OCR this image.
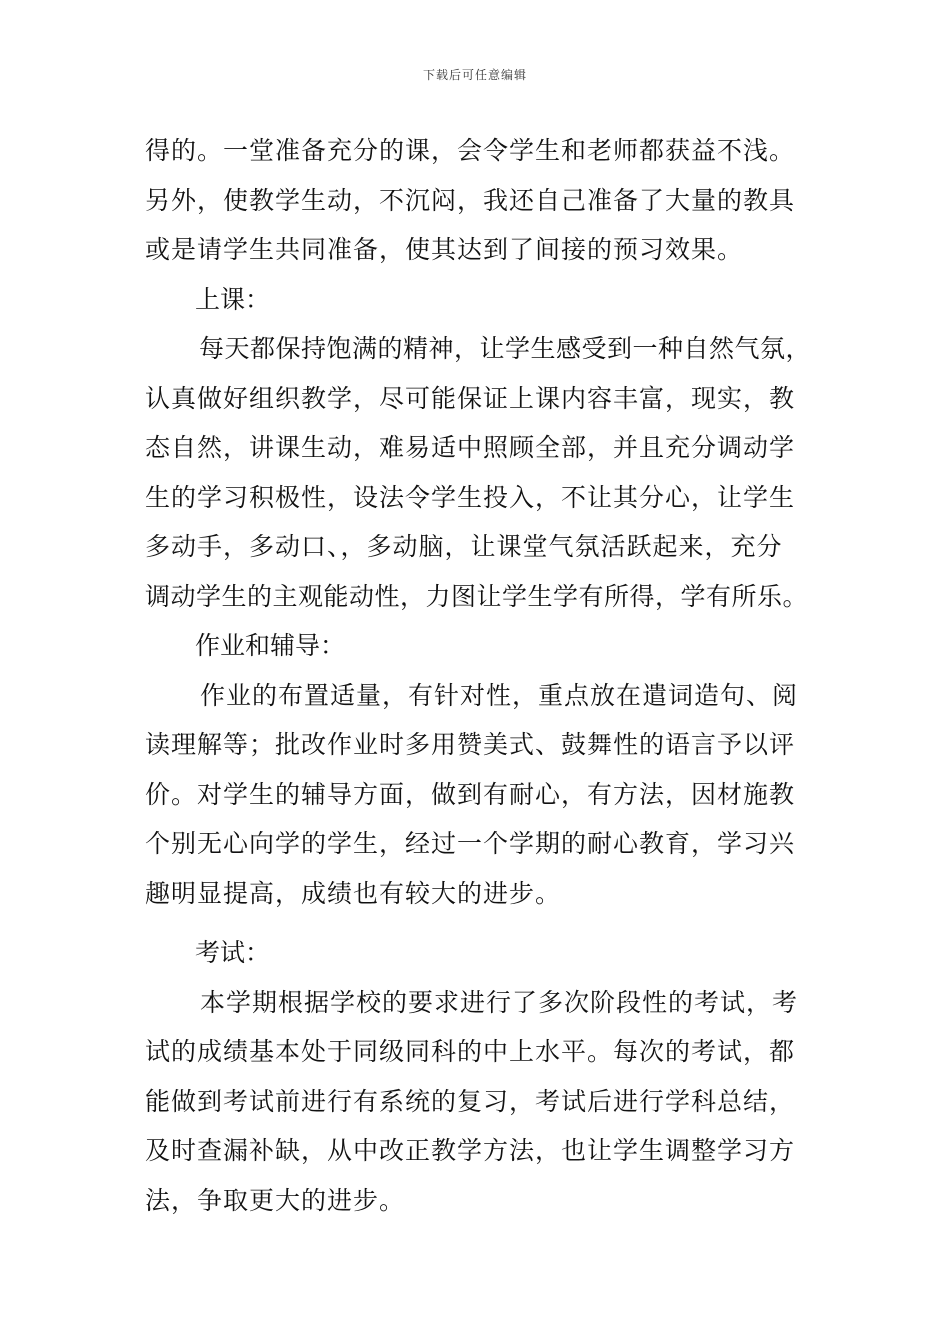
下载后可任意编辑
得的。一堂准备充分的课，会令学生和老师都获益不浅。
另外，使教学生动，不沉闷，我还自己准备了大量的教具
或是请学生共同准备，使其达到了间接的预习效果。
上课：
每天都保持饱满的精神，让学生感受到一种自然气氛，
认真做好组织教学，尽可能保证上课内容丰富，现实，教
态自然，讲课生动，难易适中照顾全部，并且充分调动学
生的学习积极性，设法令学生投入，不让其分心，让学生
多动手，多动口、，多动脑，让课堂气氛活跃起来，充分
调动学生的主观能动性，力图让学生学有所得，学有所乐。
作业和辅导：
作业的布置适量，有针对性，重点放在遣词造句、阅
读理解等；批改作业时多用赞美式、鼓舞性的语言予以评
价。对学生的辅导方面，做到有耐心，有方法，因材施教
个别无心向学的学生，经过一个学期的耐心教育，学习兴
趣明显提高，成绩也有较大的进步。
考试：
本学期根据学校的要求进行了多次阶段性的考试，考
试的成绩基本处于同级同科的中上水平。每次的考试，都
能做到考试前进行有系统的复习，考试后进行学科总结，
及时查漏补缺，从中改正教学方法，也让学生调整学习方
法，争取更大的进步。
